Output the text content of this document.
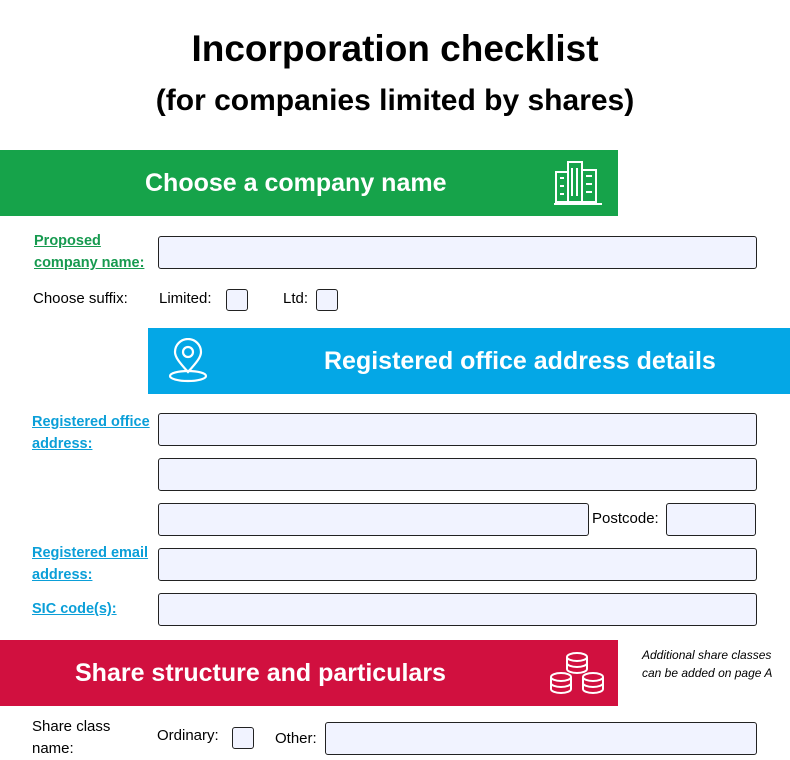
Incorporation checklist
(for companies limited by shares)
Choose a company name
Proposed company name:
Choose suffix: Limited:	Ltd:
Registered office address details
Registered office address:
Postcode:
Registered email address:
SIC code(s):
Share structure and particulars
Additional share classes can be added on page A
Share class name:
Ordinary:	Other:
